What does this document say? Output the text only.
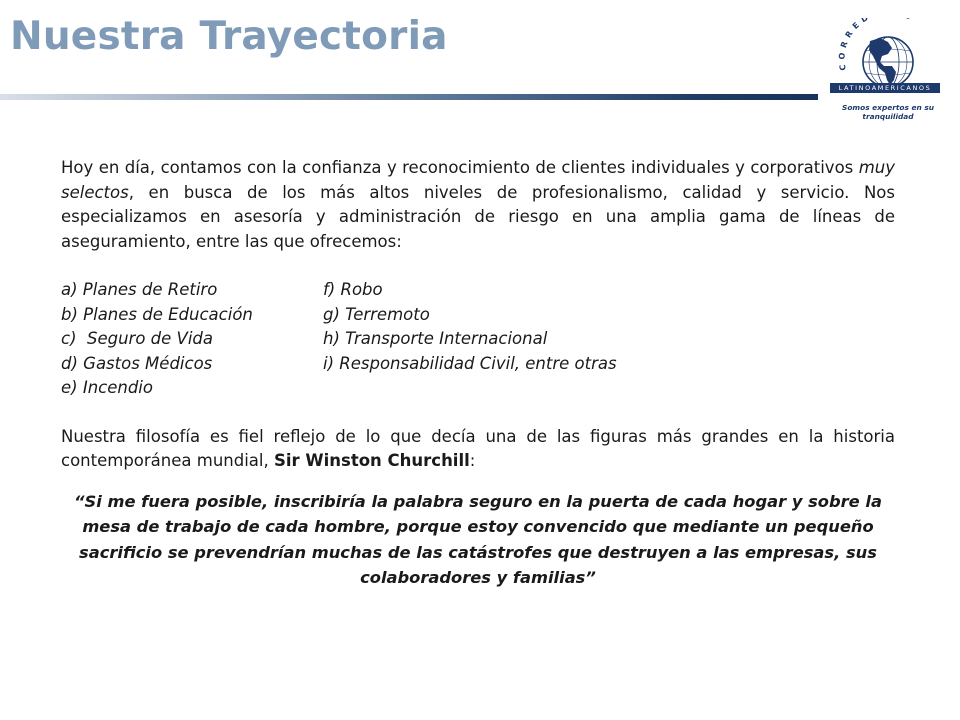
Nuestra Trayectoria
CORRE
LATINOAMERICANOS
Somos expertos en su tranquilidad

Hoy en día, contamos con la confianza y reconocimiento de clientes individuales y corporativos muy selectos, en busca de los más altos niveles de profesionalismo, calidad y servicio. Nos especializamos en asesoría y administración de riesgo en una amplia gama de líneas de aseguramiento, entre las que ofrecemos:

a) Planes de Retiro
b) Planes de Educación
c)  Seguro de Vida
d) Gastos Médicos
e) Incendio
f) Robo
g) Terremoto
h) Transporte Internacional
i) Responsabilidad Civil, entre otras

Nuestra filosofía es fiel reflejo de lo que decía una de las figuras más grandes en la historia contemporánea mundial, Sir Winston Churchill:

“Si me fuera posible, inscribiría la palabra seguro en la puerta de cada hogar y sobre la mesa de trabajo de cada hombre, porque estoy convencido que mediante un pequeño sacrificio se prevendrían muchas de las catástrofes que destruyen a las empresas, sus colaboradores y familias”
